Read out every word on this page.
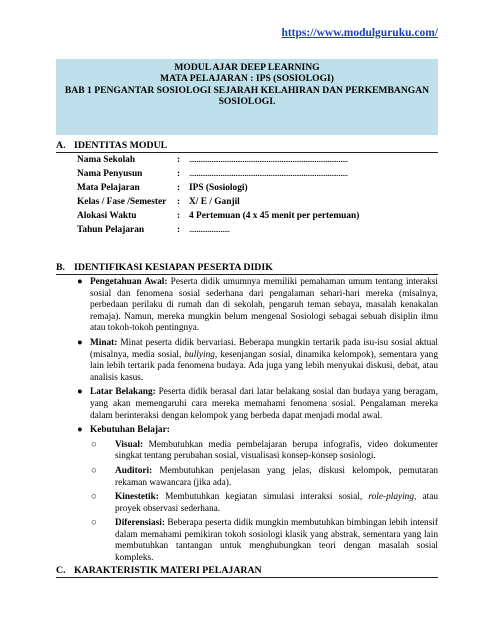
https://www.modulguruku.com/
MODUL AJAR DEEP LEARNING
MATA PELAJARAN : IPS (SOSIOLOGI)
BAB 1 PENGANTAR SOSIOLOGI SEJARAH KELAHIRAN DAN PERKEMBANGAN
SOSIOLOGI.
A. IDENTITAS MODUL
Nama Sekolah	: ......................................................................................
Nama Penyusun	: ......................................................................................
Mata Pelajaran	: IPS (Sosiologi)
Kelas / Fase /Semester : X/ E / Ganjil
Alokasi Waktu	: 4 Pertemuan (4 x 45 menit per pertemuan)
Tahun Pelajaran	: ......................
B. IDENTIFIKASI KESIAPAN PESERTA DIDIK
● Pengetahuan Awal: Peserta didik umumnya memiliki pemahaman umum tentang interaksi sosial dan fenomena sosial sederhana dari pengalaman sehari-hari mereka (misalnya, perbedaan perilaku di rumah dan di sekolah, pengaruh teman sebaya, masalah kenakalan remaja). Namun, mereka mungkin belum mengenal Sosiologi sebagai sebuah disiplin ilmu atau tokoh-tokoh pentingnya.
● Minat: Minat peserta didik bervariasi. Beberapa mungkin tertarik pada isu-isu sosial aktual (misalnya, media sosial, bullying, kesenjangan sosial, dinamika kelompok), sementara yang lain lebih tertarik pada fenomena budaya. Ada juga yang lebih menyukai diskusi, debat, atau analisis kasus.
● Latar Belakang: Peserta didik berasal dari latar belakang sosial dan budaya yang beragam, yang akan memengaruhi cara mereka memahami fenomena sosial. Pengalaman mereka dalam berinteraksi dengan kelompok yang berbeda dapat menjadi modal awal.
● Kebutuhan Belajar:
○ Visual: Membutuhkan media pembelajaran berupa infografis, video dokumenter singkat tentang perubahan sosial, visualisasi konsep-konsep sosiologi.
○ Auditori: Membutuhkan penjelasan yang jelas, diskusi kelompok, pemutaran rekaman wawancara (jika ada).
○ Kinestetik: Membutuhkan kegiatan simulasi interaksi sosial, role-playing, atau proyek observasi sederhana.
○ Diferensiasi: Beberapa peserta didik mungkin membutuhkan bimbingan lebih intensif dalam memahami pemikiran tokoh sosiologi klasik yang abstrak, sementara yang lain membutuhkan tantangan untuk menghubungkan teori dengan masalah sosial kompleks.
C. KARAKTERISTIK MATERI PELAJARAN
